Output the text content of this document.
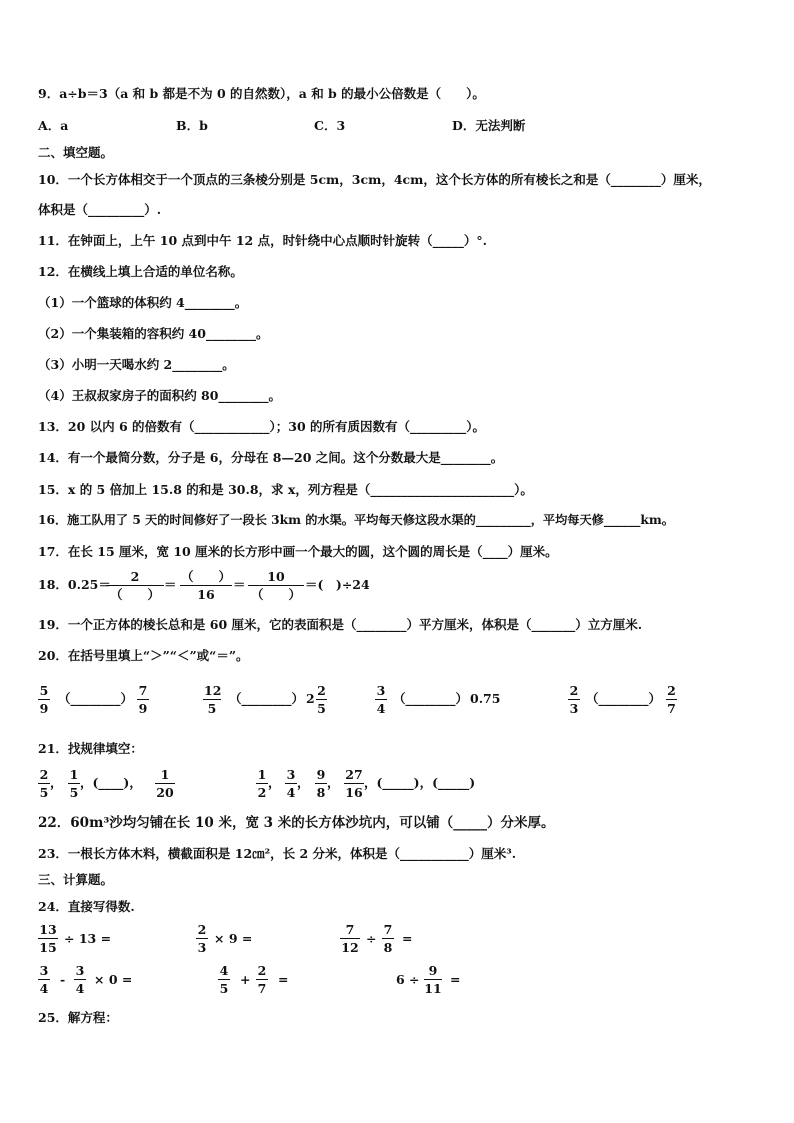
9．a÷b＝3（a 和 b 都是不为 0 的自然数），a 和 b 的最小公倍数是（　　）。
A．a	B．b	C．3	D．无法判断
二、填空题。
10．一个长方体相交于一个顶点的三条棱分别是 5cm，3cm，4cm，这个长方体的所有棱长之和是（________）厘米，
体积是（_________）.
11．在钟面上，上午 10 点到中午 12 点，时针绕中心点顺时针旋转（_____）°.
12．在横线上填上合适的单位名称。
（1）一个篮球的体积约 4________。
（2）一个集装箱的容积约 40________。
（3）小明一天喝水约 2________。
（4）王叔叔家房子的面积约 80________。
13．20 以内 6 的倍数有（____________）；30 的所有质因数有（_________）。
14．有一个最简分数，分子是 6，分母在 8—20 之间。这个分数最大是________。
15．x 的 5 倍加上 15.8 的和是 30.8，求 x，列方程是（_______________________）。
16．施工队用了 5 天的时间修好了一段长 3km 的水渠。平均每天修这段水渠的_________，平均每天修______km。
17．在长 15 厘米，宽 10 厘米的长方形中画一个最大的圆，这个圆的周长是（____）厘米。
18．0.25＝
2
（　　）
＝
（　　）
16
＝
10
（　　）
＝(　)÷24
19．一个正方体的棱长总和是 60 厘米，它的表面积是（________）平方厘米，体积是（_______）立方厘米.
20．在括号里填上“＞”“＜”或“＝”。
$\frac{5}{9}$ （________） $\frac{7}{9}$	$\frac{12}{5}$ （________） $2 \frac{2}{5}$	$\frac{3}{4}$ （________） 0.75	$\frac{2}{3}$ （________） $\frac{2}{7}$
21．找规律填空：
$\frac{2}{5}$ ， $\frac{1}{5}$ ，(____)， $\frac{1}{20}$	$\frac{1}{2}$ ， $\frac{3}{4}$ ， $\frac{9}{8}$ ， $\frac{27}{16}$ ，(_____)，(_____)
22．60m³沙均匀铺在长 10 米，宽 3 米的长方体沙坑内，可以铺（_____）分米厚。
23．一根长方体木料，横截面积是 12㎝²，长 2 分米，体积是（___________）厘米³.
三、计算题。
24．直接写得数.
$\frac{13}{15} \div 13$ =	$\frac{2}{3} \times 9$ =	$\frac{7}{12} \div \frac{7}{8}$ =
$\frac{3}{4} - \frac{3}{4} \times 0$ =	$\frac{4}{5} + \frac{2}{7}$ =	$6 \div \frac{9}{11}$ =
25．解方程：
